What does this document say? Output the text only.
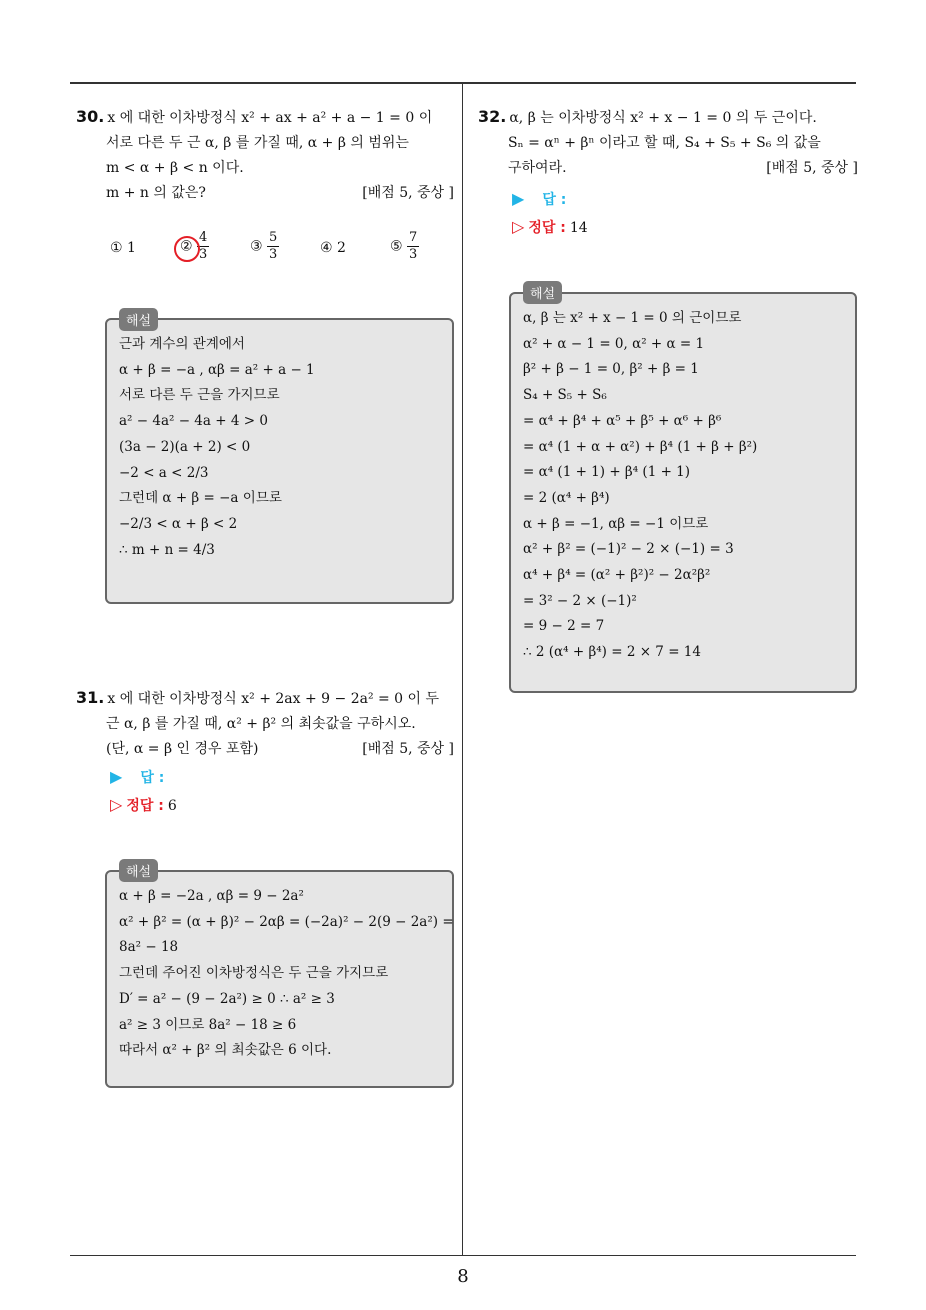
30. x 에 대한 이차방정식 x² + ax + a² + a − 1 = 0 이
서로 다른 두 근 α, β 를 가질 때, α + β 의 범위는
m < α + β < n 이다.
m + n 의 값은?	[배점 5, 중상 ]
① 1	② $\frac{4}{3}$	③ $\frac{5}{3}$	④ 2	⑤ $\frac{7}{3}$
근과 계수의 관계에서
α + β = −a , αβ = a² + a − 1
서로 다른 두 근을 가지므로
a² − 4a² − 4a + 4 > 0
(3a − 2)(a + 2) < 0
−2 < a < 2/3
그런데 α + β = −a 이므로
−2/3 < α + β < 2
∴ m + n = 4/3
해설
31. x 에 대한 이차방정식 x² + 2ax + 9 − 2a² = 0 이 두
근 α, β 를 가질 때, α² + β² 의 최솟값을 구하시오.
(단, α = β 인 경우 포함)	[배점 5, 중상 ]
▶ 답 :
▷ 정답 : 6
α + β = −2a , αβ = 9 − 2a²
α² + β² = (α + β)² − 2αβ = (−2a)² − 2(9 − 2a²) =
8a² − 18
그런데 주어진 이차방정식은 두 근을 가지므로
D′ = a² − (9 − 2a²) ≥ 0 ∴ a² ≥ 3
a² ≥ 3 이므로 8a² − 18 ≥ 6
따라서 α² + β² 의 최솟값은 6 이다.
해설
32. α, β 는 이차방정식 x² + x − 1 = 0 의 두 근이다.
Sₙ = αⁿ + βⁿ 이라고 할 때, S₄ + S₅ + S₆ 의 값을
구하여라.	[배점 5, 중상 ]
▶ 답 :
▷ 정답 : 14
α, β 는 x² + x − 1 = 0 의 근이므로
α² + α − 1 = 0, α² + α = 1
β² + β − 1 = 0, β² + β = 1
S₄ + S₅ + S₆
= α⁴ + β⁴ + α⁵ + β⁵ + α⁶ + β⁶
= α⁴ (1 + α + α²) + β⁴ (1 + β + β²)
= α⁴ (1 + 1) + β⁴ (1 + 1)
= 2 (α⁴ + β⁴)
α + β = −1, αβ = −1 이므로
α² + β² = (−1)² − 2 × (−1) = 3
α⁴ + β⁴ = (α² + β²)² − 2α²β²
= 3² − 2 × (−1)²
= 9 − 2 = 7
∴ 2 (α⁴ + β⁴) = 2 × 7 = 14
해설
8
